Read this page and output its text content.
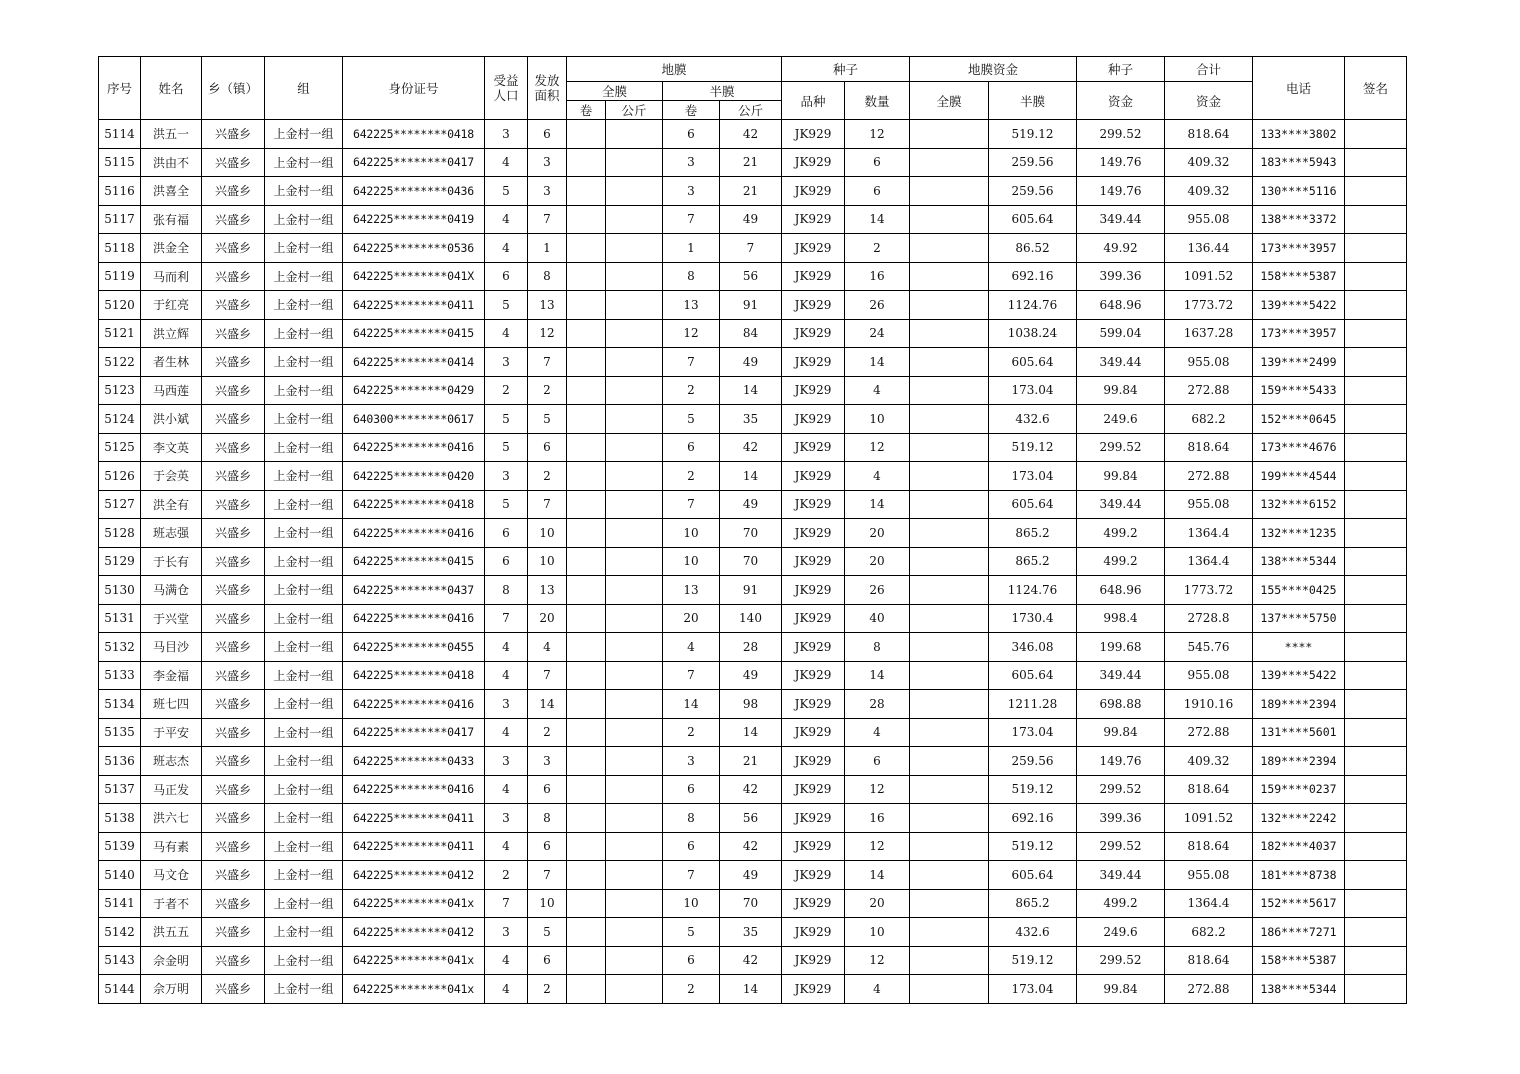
序号	姓名	乡（镇）	组	身份证号	受益人口	发放面积	地膜				种子		地膜资金		种子	合计	电话	签名
							全膜		半膜		品种	数量	全膜	半膜	资金	资金		
							卷	公斤	卷	公斤								
5114	洪五一	兴盛乡	上金村一组	642225********0418	3	6			6	42	JK929	12		519.12	299.52	818.64	133****3802	
5115	洪由不	兴盛乡	上金村一组	642225********0417	4	3			3	21	JK929	6		259.56	149.76	409.32	183****5943	
5116	洪喜全	兴盛乡	上金村一组	642225********0436	5	3			3	21	JK929	6		259.56	149.76	409.32	130****5116	
5117	张有福	兴盛乡	上金村一组	642225********0419	4	7			7	49	JK929	14		605.64	349.44	955.08	138****3372	
5118	洪金全	兴盛乡	上金村一组	642225********0536	4	1			1	7	JK929	2		86.52	49.92	136.44	173****3957	
5119	马而利	兴盛乡	上金村一组	642225********041X	6	8			8	56	JK929	16		692.16	399.36	1091.52	158****5387	
5120	于红亮	兴盛乡	上金村一组	642225********0411	5	13			13	91	JK929	26		1124.76	648.96	1773.72	139****5422	
5121	洪立辉	兴盛乡	上金村一组	642225********0415	4	12			12	84	JK929	24		1038.24	599.04	1637.28	173****3957	
5122	者生林	兴盛乡	上金村一组	642225********0414	3	7			7	49	JK929	14		605.64	349.44	955.08	139****2499	
5123	马西莲	兴盛乡	上金村一组	642225********0429	2	2			2	14	JK929	4		173.04	99.84	272.88	159****5433	
5124	洪小斌	兴盛乡	上金村一组	640300********0617	5	5			5	35	JK929	10		432.6	249.6	682.2	152****0645	
5125	李文英	兴盛乡	上金村一组	642225********0416	5	6			6	42	JK929	12		519.12	299.52	818.64	173****4676	
5126	于会英	兴盛乡	上金村一组	642225********0420	3	2			2	14	JK929	4		173.04	99.84	272.88	199****4544	
5127	洪全有	兴盛乡	上金村一组	642225********0418	5	7			7	49	JK929	14		605.64	349.44	955.08	132****6152	
5128	班志强	兴盛乡	上金村一组	642225********0416	6	10			10	70	JK929	20		865.2	499.2	1364.4	132****1235	
5129	于长有	兴盛乡	上金村一组	642225********0415	6	10			10	70	JK929	20		865.2	499.2	1364.4	138****5344	
5130	马满仓	兴盛乡	上金村一组	642225********0437	8	13			13	91	JK929	26		1124.76	648.96	1773.72	155****0425	
5131	于兴堂	兴盛乡	上金村一组	642225********0416	7	20			20	140	JK929	40		1730.4	998.4	2728.8	137****5750	
5132	马目沙	兴盛乡	上金村一组	642225********0455	4	4			4	28	JK929	8		346.08	199.68	545.76	****	
5133	李金福	兴盛乡	上金村一组	642225********0418	4	7			7	49	JK929	14		605.64	349.44	955.08	139****5422	
5134	班七四	兴盛乡	上金村一组	642225********0416	3	14			14	98	JK929	28		1211.28	698.88	1910.16	189****2394	
5135	于平安	兴盛乡	上金村一组	642225********0417	4	2			2	14	JK929	4		173.04	99.84	272.88	131****5601	
5136	班志杰	兴盛乡	上金村一组	642225********0433	3	3			3	21	JK929	6		259.56	149.76	409.32	189****2394	
5137	马正发	兴盛乡	上金村一组	642225********0416	4	6			6	42	JK929	12		519.12	299.52	818.64	159****0237	
5138	洪六七	兴盛乡	上金村一组	642225********0411	3	8			8	56	JK929	16		692.16	399.36	1091.52	132****2242	
5139	马有素	兴盛乡	上金村一组	642225********0411	4	6			6	42	JK929	12		519.12	299.52	818.64	182****4037	
5140	马文仓	兴盛乡	上金村一组	642225********0412	2	7			7	49	JK929	14		605.64	349.44	955.08	181****8738	
5141	于者不	兴盛乡	上金村一组	642225********041x	7	10			10	70	JK929	20		865.2	499.2	1364.4	152****5617	
5142	洪五五	兴盛乡	上金村一组	642225********0412	3	5			5	35	JK929	10		432.6	249.6	682.2	186****7271	
5143	佘金明	兴盛乡	上金村一组	642225********041x	4	6			6	42	JK929	12		519.12	299.52	818.64	158****5387	
5144	佘万明	兴盛乡	上金村一组	642225********041x	4	2			2	14	JK929	4		173.04	99.84	272.88	138****5344	
